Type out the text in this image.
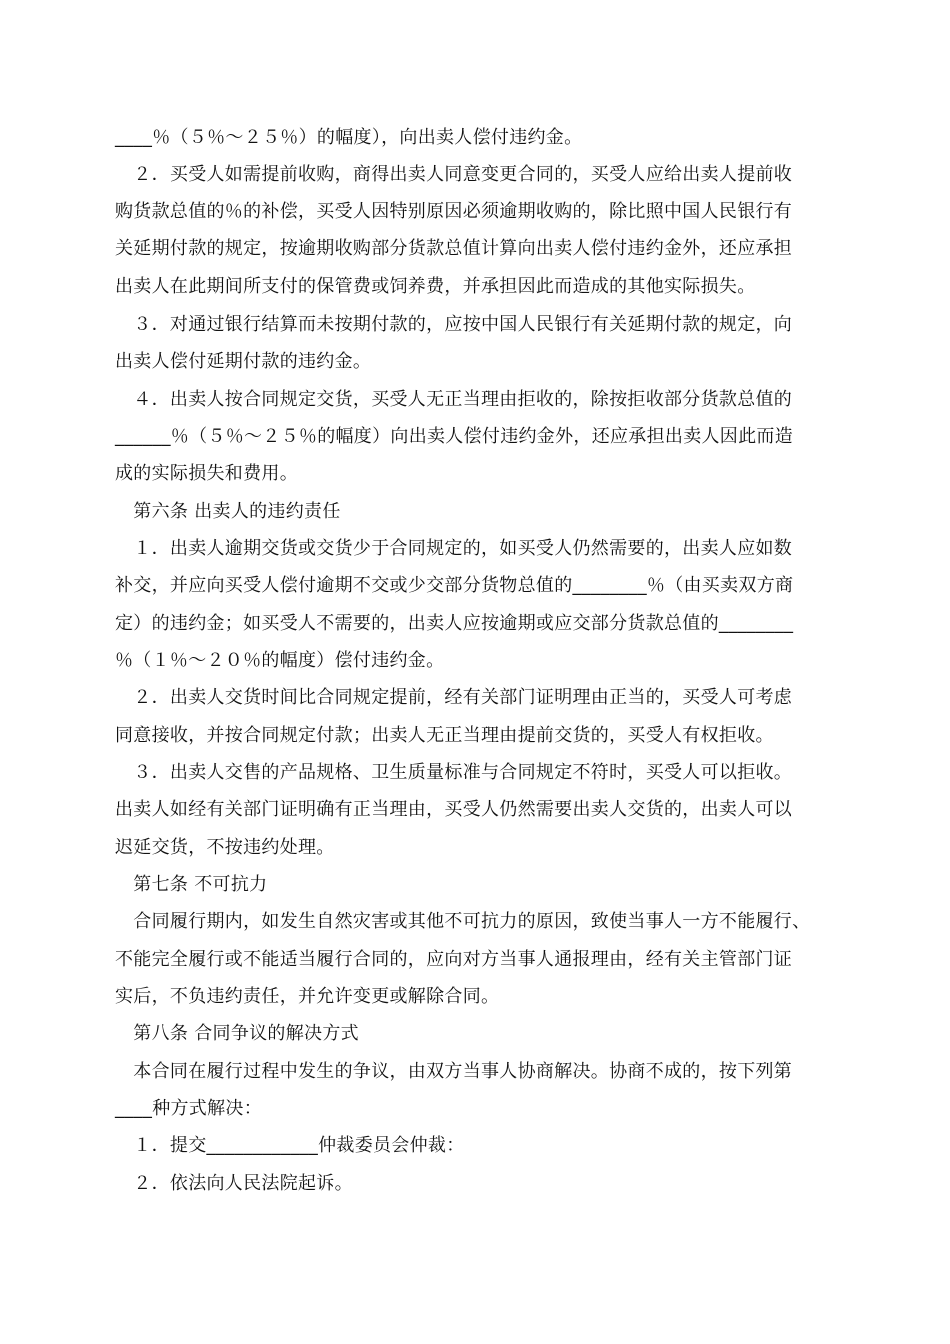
____％（５％～２５％）的幅度），向出卖人偿付违约金。
　２．买受人如需提前收购，商得出卖人同意变更合同的，买受人应给出卖人提前收
购货款总值的％的补偿，买受人因特别原因必须逾期收购的，除比照中国人民银行有
关延期付款的规定，按逾期收购部分货款总值计算向出卖人偿付违约金外，还应承担
出卖人在此期间所支付的保管费或饲养费，并承担因此而造成的其他实际损失。
　３．对通过银行结算而未按期付款的，应按中国人民银行有关延期付款的规定，向
出卖人偿付延期付款的违约金。
　４．出卖人按合同规定交货，买受人无正当理由拒收的，除按拒收部分货款总值的
______％（５％～２５％的幅度）向出卖人偿付违约金外，还应承担出卖人因此而造
成的实际损失和费用。
　第六条 出卖人的违约责任
　１．出卖人逾期交货或交货少于合同规定的，如买受人仍然需要的，出卖人应如数
补交，并应向买受人偿付逾期不交或少交部分货物总值的________％（由买卖双方商
定）的违约金；如买受人不需要的，出卖人应按逾期或应交部分货款总值的________
％（１％～２０％的幅度）偿付违约金。
　２．出卖人交货时间比合同规定提前，经有关部门证明理由正当的，买受人可考虑
同意接收，并按合同规定付款；出卖人无正当理由提前交货的，买受人有权拒收。
　３．出卖人交售的产品规格、卫生质量标准与合同规定不符时，买受人可以拒收。
出卖人如经有关部门证明确有正当理由，买受人仍然需要出卖人交货的，出卖人可以
迟延交货，不按违约处理。
　第七条 不可抗力
　合同履行期内，如发生自然灾害或其他不可抗力的原因，致使当事人一方不能履行、
不能完全履行或不能适当履行合同的，应向对方当事人通报理由，经有关主管部门证
实后，不负违约责任，并允许变更或解除合同。
　第八条 合同争议的解决方式
　本合同在履行过程中发生的争议，由双方当事人协商解决。协商不成的，按下列第
____种方式解决：
　１．提交____________仲裁委员会仲裁：
　２．依法向人民法院起诉。
